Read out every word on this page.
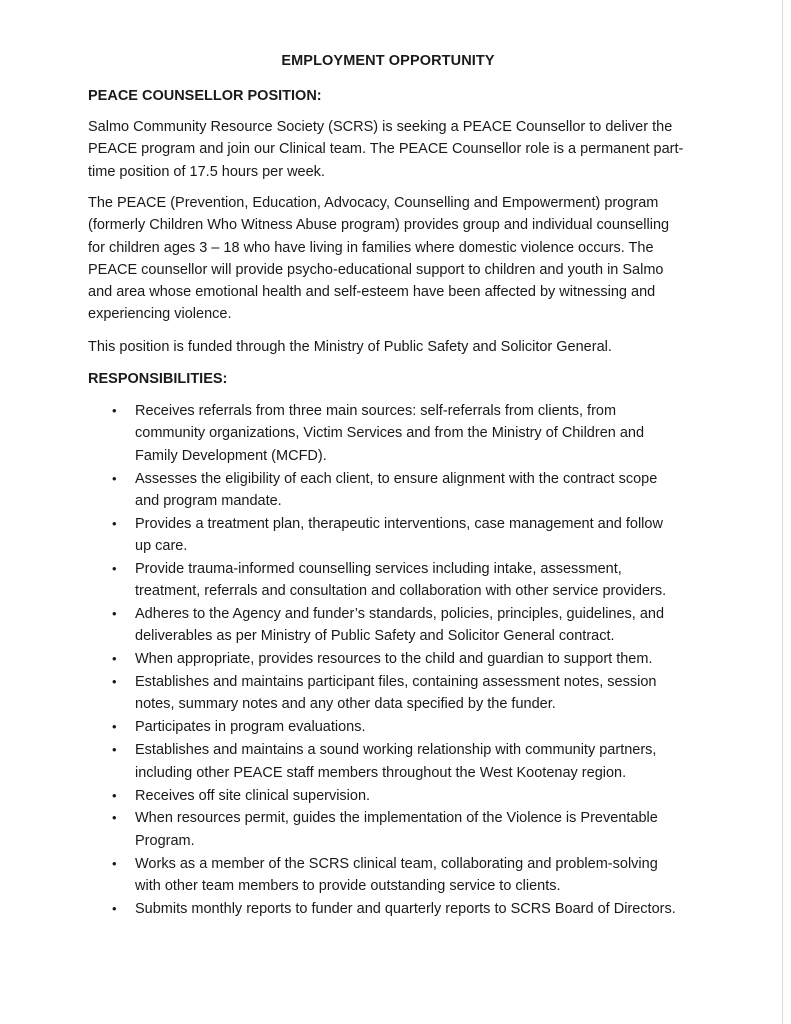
EMPLOYMENT OPPORTUNITY
PEACE COUNSELLOR POSITION:

Salmo Community Resource Society (SCRS) is seeking a PEACE Counsellor to deliver the
PEACE program and join our Clinical team. The PEACE Counsellor role is a permanent part-
time position of 17.5 hours per week.

The PEACE (Prevention, Education, Advocacy, Counselling and Empowerment) program
(formerly Children Who Witness Abuse program) provides group and individual counselling
for children ages 3 – 18 who have living in families where domestic violence occurs. The
PEACE counsellor will provide psycho-educational support to children and youth in Salmo
and area whose emotional health and self-esteem have been affected by witnessing and
experiencing violence.

This position is funded through the Ministry of Public Safety and Solicitor General.

RESPONSIBILITIES:
• Receives referrals from three main sources: self-referrals from clients, from
community organizations, Victim Services and from the Ministry of Children and
Family Development (MCFD).
• Assesses the eligibility of each client, to ensure alignment with the contract scope
and program mandate.
• Provides a treatment plan, therapeutic interventions, case management and follow
up care.
• Provide trauma-informed counselling services including intake, assessment,
treatment, referrals and consultation and collaboration with other service providers.
• Adheres to the Agency and funder’s standards, policies, principles, guidelines, and
deliverables as per Ministry of Public Safety and Solicitor General contract.
• When appropriate, provides resources to the child and guardian to support them.
• Establishes and maintains participant files, containing assessment notes, session
notes, summary notes and any other data specified by the funder.
• Participates in program evaluations.
• Establishes and maintains a sound working relationship with community partners,
including other PEACE staff members throughout the West Kootenay region.
• Receives off site clinical supervision.
• When resources permit, guides the implementation of the Violence is Preventable
Program.
• Works as a member of the SCRS clinical team, collaborating and problem-solving
with other team members to provide outstanding service to clients.
• Submits monthly reports to funder and quarterly reports to SCRS Board of Directors.
